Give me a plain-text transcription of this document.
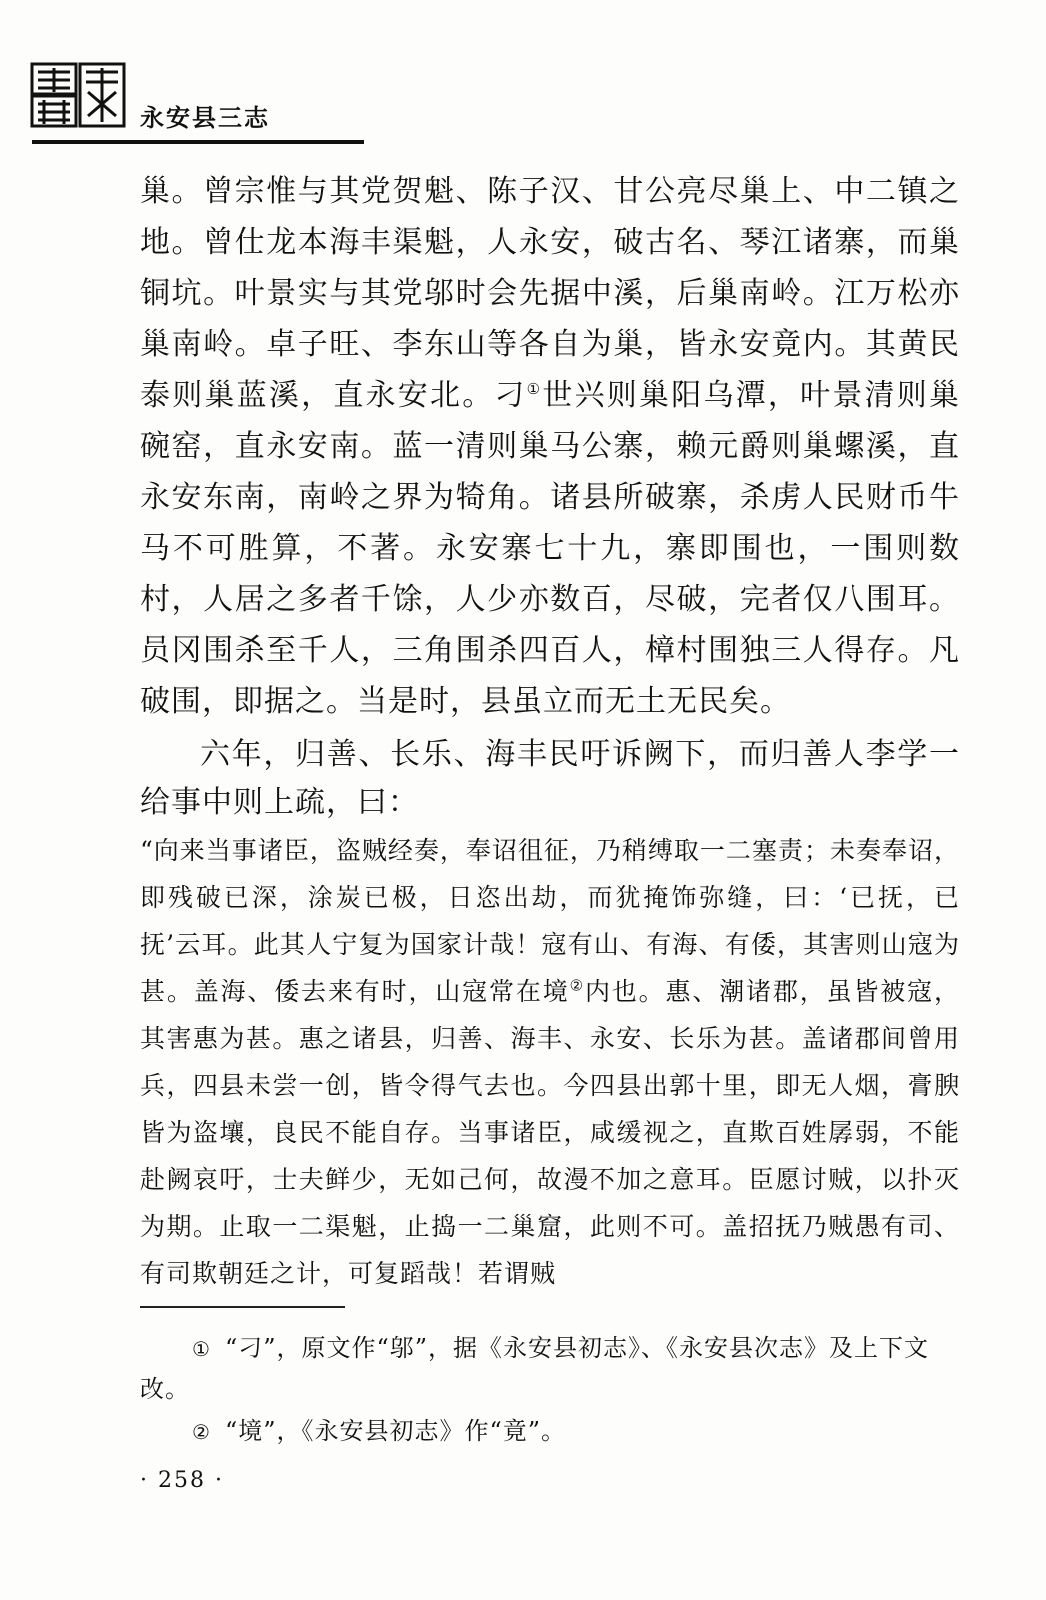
永安县三志

巢。曾宗惟与其党贺魁、陈子汉、甘公亮尽巢上、中二镇之地。曾仕龙本海丰渠魁，人永安，破古名、琴江诸寨，而巢铜坑。叶景实与其党邬时会先据中溪，后巢南岭。江万松亦巢南岭。卓子旺、李东山等各自为巢，皆永安竟内。其黄民泰则巢蓝溪，直永安北。刁①世兴则巢阳乌潭，叶景清则巢碗窑，直永安南。蓝一清则巢马公寨，赖元爵则巢螺溪，直永安东南，南岭之界为犄角。诸县所破寨，杀虏人民财币牛马不可胜算，不著。永安寨七十九，寨即围也，一围则数村，人居之多者千馀，人少亦数百，尽破，完者仅八围耳。员冈围杀至千人，三角围杀四百人，樟村围独三人得存。凡破围，即据之。当是时，县虽立而无土无民矣。

六年，归善、长乐、海丰民吁诉阙下，而归善人李学一给事中则上疏，曰：
“向来当事诸臣，盗贼经奏，奉诏徂征，乃稍缚取一二塞责；未奏奉诏，即残破已深，涂炭已极，日恣出劫，而犹掩饰弥缝，曰：‘已抚，已抚’云耳。此其人宁复为国家计哉！寇有山、有海、有倭，其害则山寇为甚。盖海、倭去来有时，山寇常在境②内也。惠、潮诸郡，虽皆被寇，其害惠为甚。惠之诸县，归善、海丰、永安、长乐为甚。盖诸郡间曾用兵，四县未尝一创，皆令得气去也。今四县出郭十里，即无人烟，膏腴皆为盗壤，良民不能自存。当事诸臣，咸缓视之，直欺百姓孱弱，不能赴阙哀吁，士夫鲜少，无如己何，故漫不加之意耳。臣愿讨贼，以扑灭为期。止取一二渠魁，止捣一二巢窟，此则不可。盖招抚乃贼愚有司、有司欺朝廷之计，可复蹈哉！若谓贼

① “刁”，原文作“邬”，据《永安县初志》、《永安县次志》及上下文改。

② “境”，《永安县初志》作“竟”。

· 258 ·
